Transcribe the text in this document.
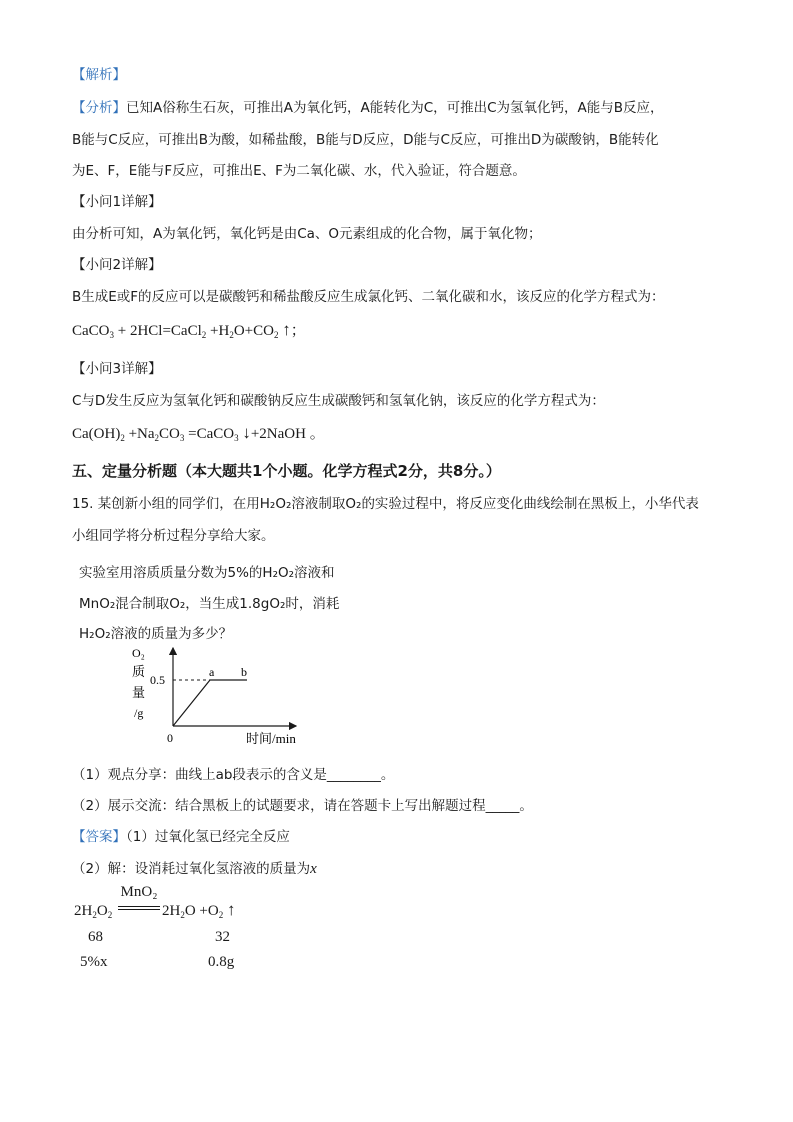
【解析】
【分析】已知A俗称生石灰，可推出A为氧化钙，A能转化为C，可推出C为氢氧化钙，A能与B反应，
B能与C反应，可推出B为酸，如稀盐酸，B能与D反应，D能与C反应，可推出D为碳酸钠，B能转化
为E、F，E能与F反应，可推出E、F为二氧化碳、水，代入验证，符合题意。
【小问1详解】
由分析可知，A为氧化钙，氧化钙是由Ca、O元素组成的化合物，属于氧化物；
【小问2详解】
B生成E或F的反应可以是碳酸钙和稀盐酸反应生成氯化钙、二氧化碳和水，该反应的化学方程式为：
CaCO$_3$ + 2HCl=CaCl$_2$ $+H_2O+CO_2$ ↑；
【小问3详解】
C与D发生反应为氢氧化钙和碳酸钠反应生成碳酸钙和氢氧化钠，该反应的化学方程式为：
$Ca(OH)_2 +Na_2CO_3$ =CaCO$_3$ ↓+2NaOH 。
五、定量分析题（本大题共1个小题。化学方程式2分，共8分。）
15. 某创新小组的同学们，在用H₂O₂溶液制取O₂的实验过程中，将反应变化曲线绘制在黑板上，小华代表
小组同学将分析过程分享给大家。
实验室用溶质质量分数为5%的H₂O₂溶液和
MnO₂混合制取O₂，当生成1.8gO₂时，消耗
H₂O₂溶液的质量为多少？
O₂
质
量
/g
0.5
0	时间/min
a b
（1）观点分享：曲线上ab段表示的含义是________。
（2）展示交流：结合黑板上的试题要求，请在答题卡上写出解题过程_____。
【答案】（1）过氧化氢已经完全反应
（2）解：设消耗过氧化氢溶液的质量为x
MnO₂
$2H_2O_2$	$2H_2O +O_2$ ↑
68	32
5%x	0.8g
